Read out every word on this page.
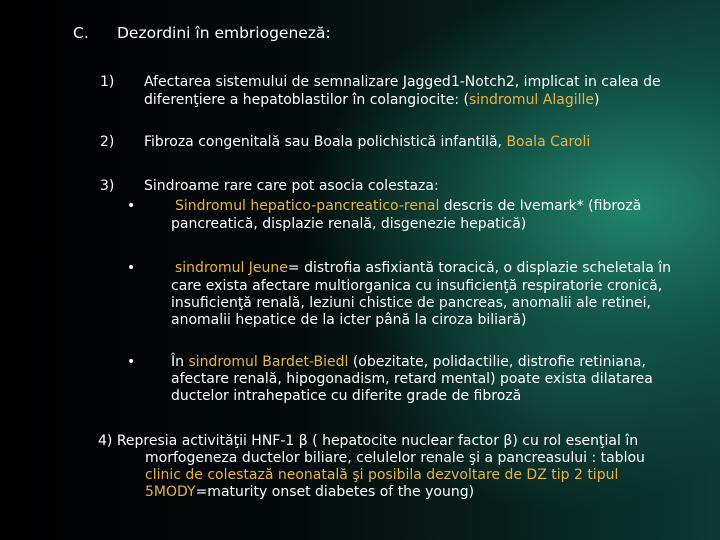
C. Dezordini în embriogeneză:
1) Afectarea sistemului de semnalizare Jagged1-Notch2, implicat in calea de
diferenţiere a hepatoblastilor în colangiocite: (sindromul Alagille)
2) Fibroza congenitală sau Boala polichistică infantilă, Boala Caroli
3) Sindroame rare care pot asocia colestaza:
•	Sindromul hepatico-pancreatico-renal descris de Ivemark* (fibroză
pancreatică, displazie renală, disgenezie hepatică)
•	sindromul Jeune= distrofia asfixiantă toracică, o displazie scheletala în
care exista afectare multiorganica cu insuficienţă respiratorie cronică,
insuficienţă renală, leziuni chistice de pancreas, anomalii ale retinei,
anomalii hepatice de la icter până la ciroza biliară)
•	În sindromul Bardet-Biedl (obezitate, polidactilie, distrofie retiniana,
afectare renală, hipogonadism, retard mental) poate exista dilatarea
ductelor intrahepatice cu diferite grade de fibroză
4) Represia activităţii HNF-1 β ( hepatocite nuclear factor β) cu rol esenţial în
morfogeneza ductelor biliare, celulelor renale şi a pancreasului : tablou
clinic de colestază neonatală şi posibila dezvoltare de DZ tip 2 tipul
5MODY=maturity onset diabetes of the young)
